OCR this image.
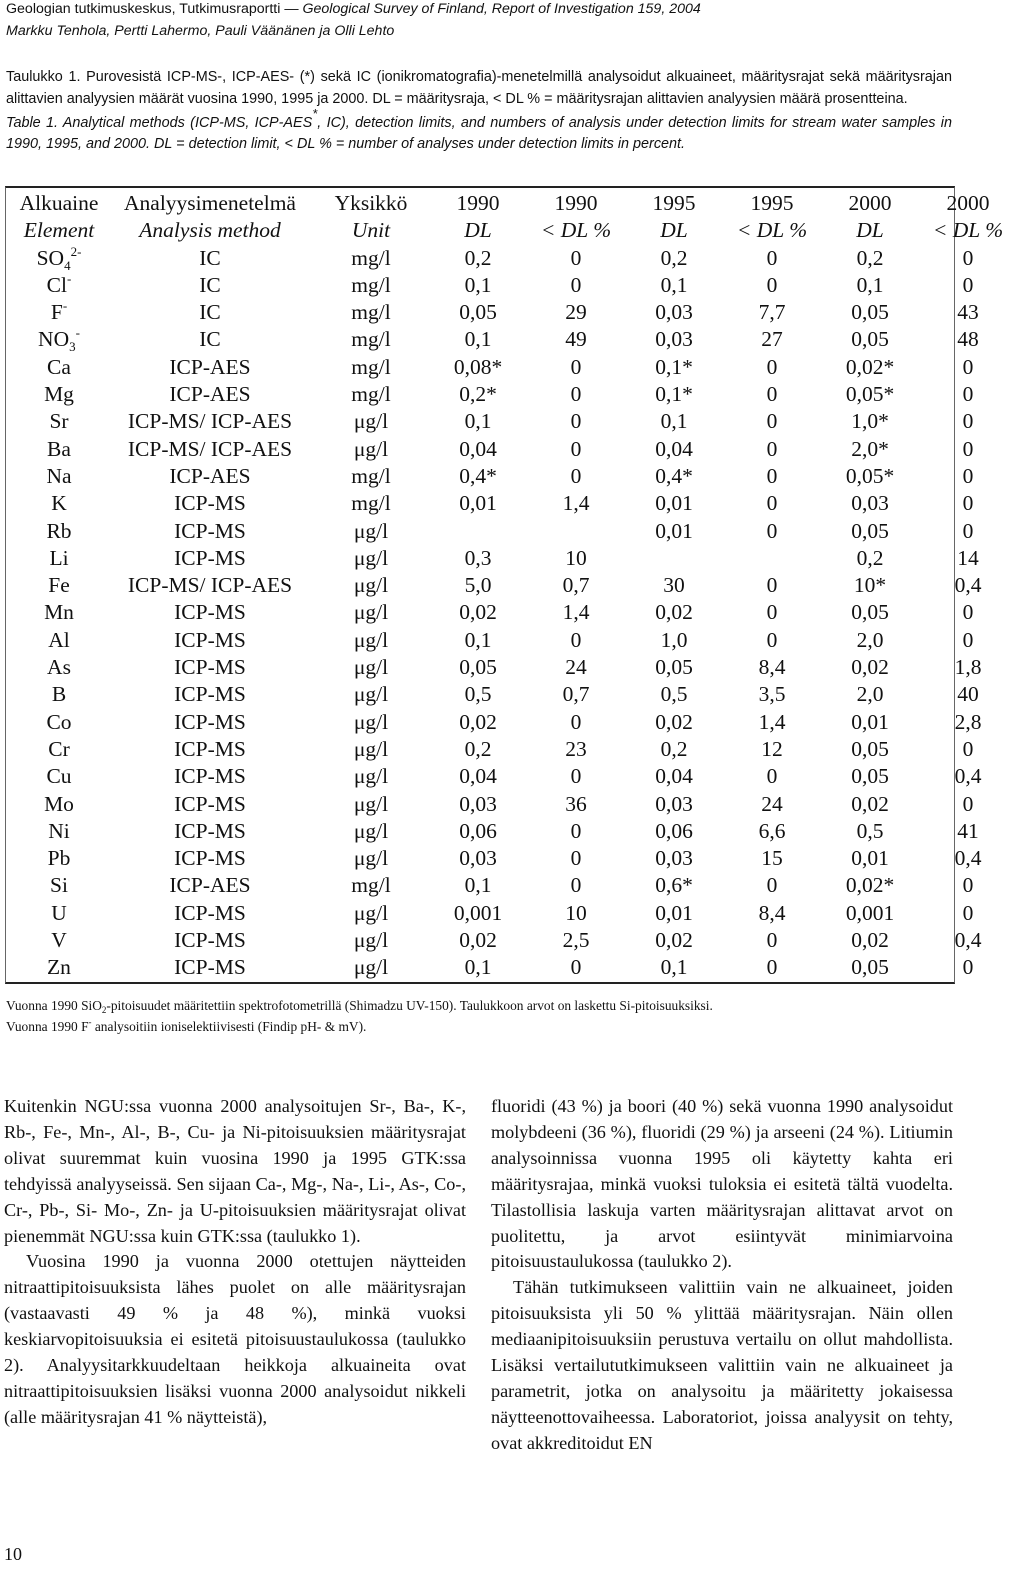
Geologian tutkimuskeskus, Tutkimusraportti — Geological Survey of Finland, Report of Investigation 159, 2004
Markku Tenhola, Pertti Lahermo, Pauli Väänänen ja Olli Lehto

Taulukko 1. Purovesistä ICP-MS-, ICP-AES- (*) sekä IC (ionikromatografia)-menetelmillä analysoidut alkuaineet, määritysrajat sekä määritysrajan alittavien analyysien määrät vuosina 1990, 1995 ja 2000. DL = määritysraja, < DL % = määritysrajan alittavien analyysien määrä prosentteina.

Table 1. Analytical methods (ICP-MS, ICP-AES*, IC), detection limits, and numbers of analysis under detection limits for stream water samples in 1990, 1995, and 2000. DL = detection limit, < DL % = number of analyses under detection limits in percent.

Alkuaine	Analyysimenetelmä	Yksikkö	1990	1990	1995	1995	2000	2000
Element	Analysis method	Unit	DL	< DL %	DL	< DL %	DL	< DL %
$SO_4^{2-}$	IC	mg/l	0,2	0	0,2	0	0,2	0
Cl-	IC	mg/l	0,1	0	0,1	0	0,1	0
F-	IC	mg/l	0,05	29	0,03	7,7	0,05	43
$NO_3^-$	IC	mg/l	0,1	49	0,03	27	0,05	48
Ca	ICP-AES	mg/l	0,08*	0	0,1*	0	0,02*	0
Mg	ICP-AES	mg/l	0,2*	0	0,1*	0	0,05*	0
Sr	ICP-MS/ ICP-AES	μg/l	0,1	0	0,1	0	1,0*	0
Ba	ICP-MS/ ICP-AES	μg/l	0,04	0	0,04	0	2,0*	0
Na	ICP-AES	mg/l	0,4*	0	0,4*	0	0,05*	0
K	ICP-MS	mg/l	0,01	1,4	0,01	0	0,03	0
Rb	ICP-MS	μg/l			0,01	0	0,05	0
Li	ICP-MS	μg/l	0,3	10			0,2	14
Fe	ICP-MS/ ICP-AES	μg/l	5,0	0,7	30	0	10*	0,4
Mn	ICP-MS	μg/l	0,02	1,4	0,02	0	0,05	0
Al	ICP-MS	μg/l	0,1	0	1,0	0	2,0	0
As	ICP-MS	μg/l	0,05	24	0,05	8,4	0,02	1,8
B	ICP-MS	μg/l	0,5	0,7	0,5	3,5	2,0	40
Co	ICP-MS	μg/l	0,02	0	0,02	1,4	0,01	2,8
Cr	ICP-MS	μg/l	0,2	23	0,2	12	0,05	0
Cu	ICP-MS	μg/l	0,04	0	0,04	0	0,05	0,4
Mo	ICP-MS	μg/l	0,03	36	0,03	24	0,02	0
Ni	ICP-MS	μg/l	0,06	0	0,06	6,6	0,5	41
Pb	ICP-MS	μg/l	0,03	0	0,03	15	0,01	0,4
Si	ICP-AES	mg/l	0,1	0	0,6*	0	0,02*	0
U	ICP-MS	μg/l	0,001	10	0,01	8,4	0,001	0
V	ICP-MS	μg/l	0,02	2,5	0,02	0	0,02	0,4
Zn	ICP-MS	μg/l	0,1	0	0,1	0	0,05	0

Vuonna 1990 SiO$_2$-pitoisuudet määritettiin spektrofotometrillä (Shimadzu UV-150). Taulukkoon arvot on laskettu Si-pitoisuuksiksi.

Vuonna 1990 F- analysoitiin ioniselektiivisesti (Findip pH- & mV).

Kuitenkin NGU:ssa vuonna 2000 analysoitujen Sr-, Ba-, K-, Rb-, Fe-, Mn-, Al-, B-, Cu- ja Ni-pitoisuuksien määritysrajat olivat suuremmat kuin vuosina 1990 ja 1995 GTK:ssa tehdyissä analyyseissä. Sen sijaan Ca-, Mg-, Na-, Li-, As-, Co-, Cr-, Pb-, Si- Mo-, Zn- ja U-pitoisuuksien määritysrajat olivat pienemmät NGU:ssa kuin GTK:ssa (taulukko 1).

Vuosina 1990 ja vuonna 2000 otettujen näytteiden nitraattipitoisuuksista lähes puolet on alle määritysrajan (vastaavasti 49 % ja 48 %), minkä vuoksi keskiarvopitoisuuksia ei esitetä pitoisuustaulukossa (taulukko 2). Analyysitarkkuudeltaan heikkoja alkuaineita ovat nitraattipitoisuuksien lisäksi vuonna 2000 analysoidut nikkeli (alle määritysrajan 41 % näytteistä),

fluoridi (43 %) ja boori (40 %) sekä vuonna 1990 analysoidut molybdeeni (36 %), fluoridi (29 %) ja arseeni (24 %). Litiumin analysoinnissa vuonna 1995 oli käytetty kahta eri määritysrajaa, minkä vuoksi tuloksia ei esitetä tältä vuodelta. Tilastollisia laskuja varten määritysrajan alittavat arvot on puolitettu, ja arvot esiintyvät minimiarvoina pitoisuustaulukossa (taulukko 2).

Tähän tutkimukseen valittiin vain ne alkuaineet, joiden pitoisuuksista yli 50 % ylittää määritysrajan. Näin ollen mediaanipitoisuuksiin perustuva vertailu on ollut mahdollista. Lisäksi vertailututkimukseen valittiin vain ne alkuaineet ja parametrit, jotka on analysoitu ja määritetty jokaisessa näytteenottovaiheessa. Laboratoriot, joissa analyysit on tehty, ovat akkreditoidut EN

10
